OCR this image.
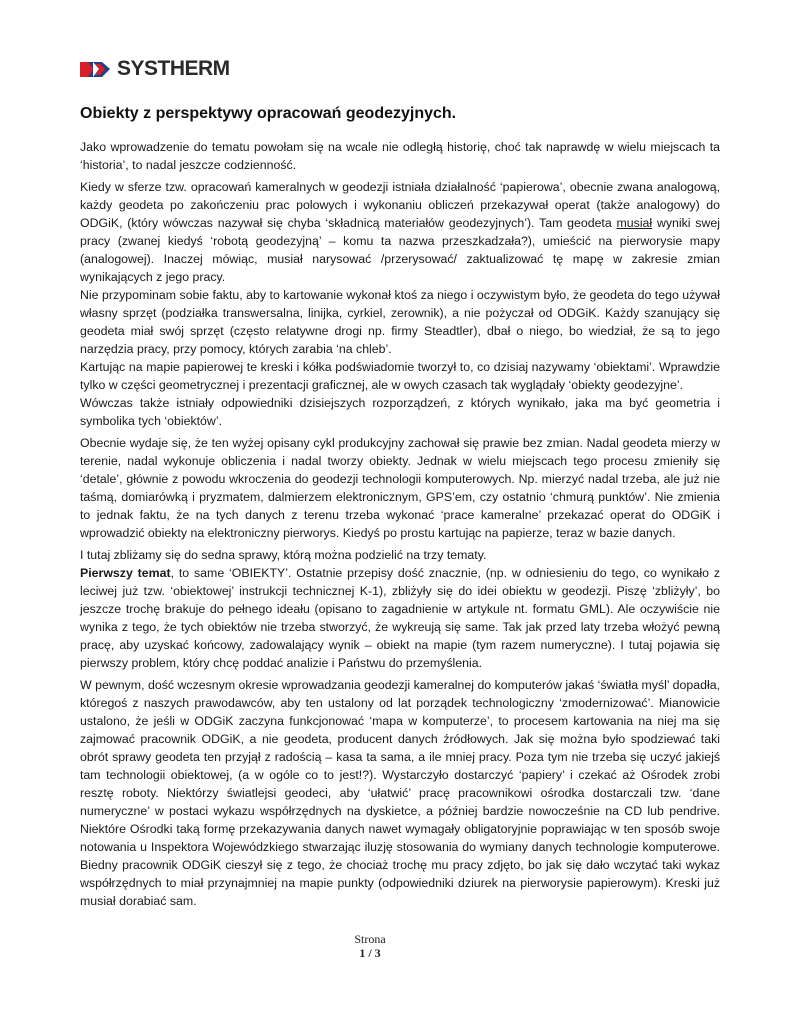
SYSTHERM
Obiekty z perspektywy opracowań geodezyjnych.

Jako wprowadzenie do tematu powołam się na wcale nie odległą historię, choć tak naprawdę w wielu miejscach ta ‘historia’, to nadal jeszcze codzienność.

Kiedy w sferze tzw. opracowań kameralnych w geodezji istniała działalność ‘papierowa’, obecnie zwana analogową, każdy geodeta po zakończeniu prac polowych i wykonaniu obliczeń przekazywał operat (także analogowy) do ODGiK, (który wówczas nazywał się chyba ‘składnicą materiałów geodezyjnych’). Tam geodeta musiał wyniki swej pracy (zwanej kiedyś ‘robotą geodezyjną’ – komu ta nazwa przeszkadzała?), umieścić na pierworysie mapy (analogowej). Inaczej mówiąc, musiał narysować /przerysować/ zaktualizować tę mapę w zakresie zmian wynikających z jego pracy.

Nie przypominam sobie faktu, aby to kartowanie wykonał ktoś za niego i oczywistym było, że geodeta do tego używał własny sprzęt (podziałka transwersalna, linijka, cyrkiel, zerownik), a nie pożyczał od ODGiK. Każdy szanujący się geodeta miał swój sprzęt (często relatywne drogi np. firmy Steadtler), dbał o niego, bo wiedział, że są to jego narzędzia pracy, przy pomocy, których zarabia ‘na chleb’.

Kartując na mapie papierowej te kreski i kółka podświadomie tworzył to, co dzisiaj nazywamy ‘obiektami’. Wprawdzie tylko w części geometrycznej i prezentacji graficznej, ale w owych czasach tak wyglądały ‘obiekty geodezyjne’.

Wówczas także istniały odpowiedniki dzisiejszych rozporządzeń, z których wynikało, jaka ma być geometria i symbolika tych ‘obiektów’.

Obecnie wydaje się, że ten wyżej opisany cykl produkcyjny zachował się prawie bez zmian. Nadal geodeta mierzy w terenie, nadal wykonuje obliczenia i nadal tworzy obiekty. Jednak w wielu miejscach tego procesu zmieniły się ‘detale’, głównie z powodu wkroczenia do geodezji technologii komputerowych. Np. mierzyć nadal trzeba, ale już nie taśmą, domiarówką i pryzmatem, dalmierzem elektronicznym, GPS’em, czy ostatnio ‘chmurą punktów’. Nie zmienia to jednak faktu, że na tych danych z terenu trzeba wykonać ‘prace kameralne’ przekazać operat do ODGiK i wprowadzić obiekty na elektroniczny pierworys. Kiedyś po prostu kartując na papierze, teraz w bazie danych.

I tutaj zbliżamy się do sedna sprawy, którą można podzielić na trzy tematy.

Pierwszy temat, to same ‘OBIEKTY’. Ostatnie przepisy dość znacznie, (np. w odniesieniu do tego, co wynikało z leciwej już tzw. ‘obiektowej’ instrukcji technicznej K-1), zbliżyły się do idei obiektu w geodezji. Piszę ‘zbliżyły’, bo jeszcze trochę brakuje do pełnego ideału (opisano to zagadnienie w artykule nt. formatu GML). Ale oczywiście nie wynika z tego, że tych obiektów nie trzeba stworzyć, że wykreują się same. Tak jak przed laty trzeba włożyć pewną pracę, aby uzyskać końcowy, zadowalający wynik – obiekt na mapie (tym razem numeryczne). I tutaj pojawia się pierwszy problem, który chcę poddać analizie i Państwu do przemyślenia.

W pewnym, dość wczesnym okresie wprowadzania geodezji kameralnej do komputerów jakaś ‘światła myśl’ dopadła, któregoś z naszych prawodawców, aby ten ustalony od lat porządek technologiczny ‘zmodernizować’. Mianowicie ustalono, że jeśli w ODGiK zaczyna funkcjonować ‘mapa w komputerze’, to procesem kartowania na niej ma się zajmować pracownik ODGiK, a nie geodeta, producent danych źródłowych. Jak się można było spodziewać taki obrót sprawy geodeta ten przyjął z radością – kasa ta sama, a ile mniej pracy. Poza tym nie trzeba się uczyć jakiejś tam technologii obiektowej, (a w ogóle co to jest!?). Wystarczyło dostarczyć ‘papiery’ i czekać aż Ośrodek zrobi resztę roboty. Niektórzy światlejsi geodeci, aby ‘ułatwić’ pracę pracownikowi ośrodka dostarczali tzw. ‘dane numeryczne’ w postaci wykazu współrzędnych na dyskietce, a później bardzie nowocześnie na CD lub pendrive. Niektóre Ośrodki taką formę przekazywania danych nawet wymagały obligatoryjnie poprawiając w ten sposób swoje notowania u Inspektora Wojewódzkiego stwarzając iluzję stosowania do wymiany danych technologie komputerowe. Biedny pracownik ODGiK cieszył się z tego, że chociaż trochę mu pracy zdjęto, bo jak się dało wczytać taki wykaz współrzędnych to miał przynajmniej na mapie punkty (odpowiedniki dziurek na pierworysie papierowym). Kreski już musiał dorabiać sam.

Strona
1 / 3
